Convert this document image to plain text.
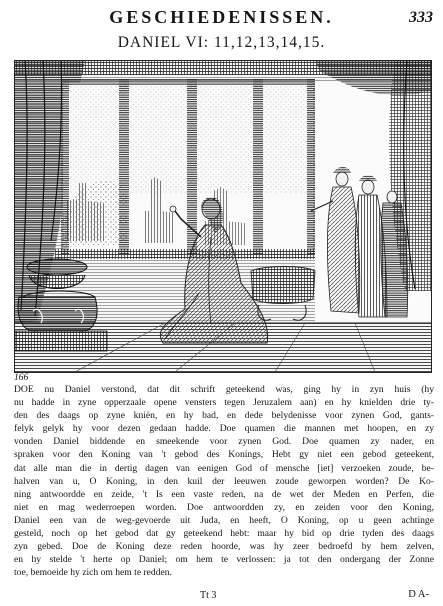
GESCHIEDENISSEN.	333
DANIEL VI: 11,12,13,14,15.
166
DOE nu Daniel verstond, dat dit schrift geteekend was, ging hy in zyn huis (hy
nu hadde in zyne opperzaale opene vensters tegen Jeruzalem aan) en hy knielden drie ty-
den des daags op zyne kniën, en hy bad, en dede belydenisse voor zynen God, gants-
felyk gelyk hy voor dezen gedaan hadde. Doe quamen die mannen met hoopen, en zy
vonden Daniel biddende en smeekende voor zynen God. Doe quamen zy nader, en
spraken voor den Koning van 't gebod des Konings, Hebt gy niet een gebod geteekent,
dat alle man die in dertig dagen van eenigen God of mensche [iet] verzoeken zoude, be-
halven van u, O Koning, in den kuil der leeuwen zoude geworpen worden? De Ko-
ning antwoordde en zeide, 't Is een vaste reden, na de wet der Meden en Perfen, die
niet en mag wederroepen worden. Doe antwoordden zy, en zeiden voor den Koning,
Daniel een van de weg-gevoerde uit Juda, en heeft, O Koning, op u geen achtinge
gesteld, noch op het gebod dat gy geteekend hebt: maar hy bid op drie tyden des daags
zyn gebed. Doe de Koning deze reden hoorde, was hy zeer bedroefd by hem zelven,
en hy stelde 't herte op Daniel; om hem te verlossen: ja tot den ondergang der Zonne
toe, bemoeide hy zich om hem te redden.
Tt 3	D A-
